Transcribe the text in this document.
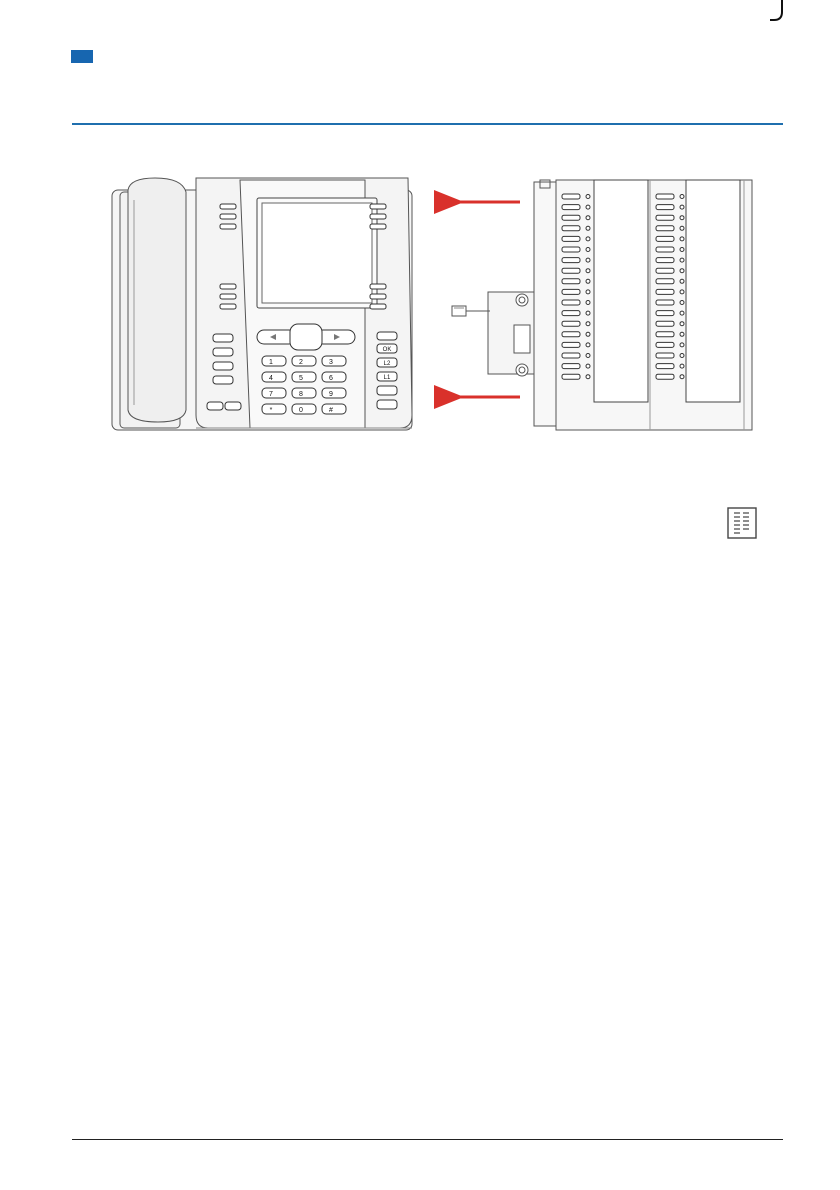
OK
L2
L1
1	2	3
4	5	6
7	8	9
*	0	#
